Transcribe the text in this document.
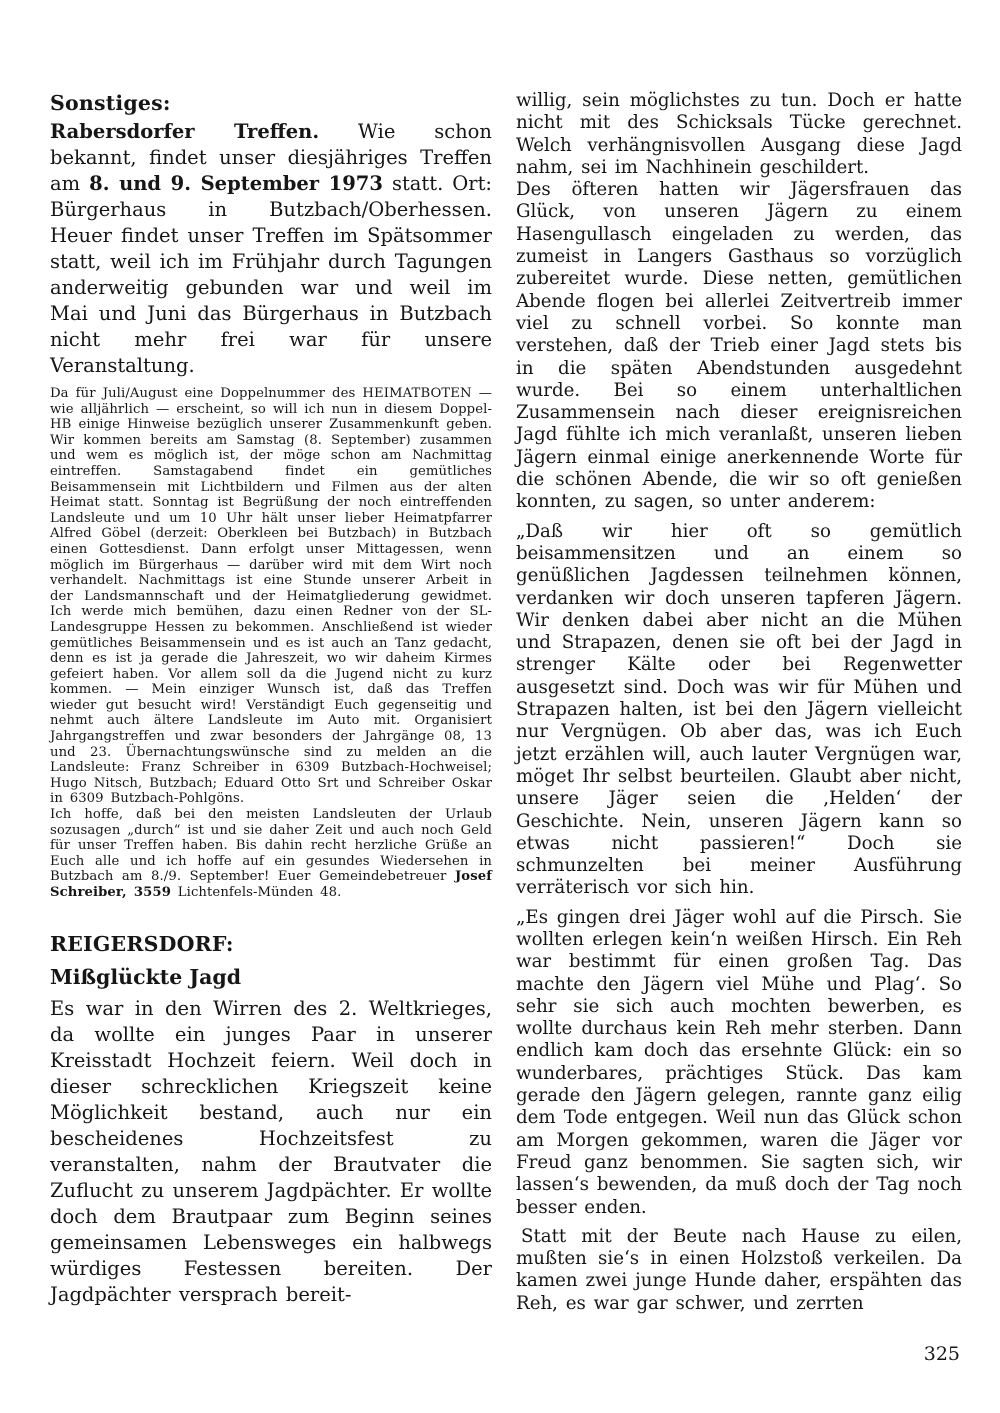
Sonstiges:

Rabersdorfer Treffen. Wie schon bekannt, findet unser diesjähriges Treffen am 8. und 9. September 1973 statt. Ort: Bürgerhaus in Butzbach/Oberhessen. Heuer findet unser Treffen im Spätsommer statt, weil ich im Frühjahr durch Tagungen anderweitig gebunden war und weil im Mai und Juni das Bürgerhaus in Butzbach nicht mehr frei war für unsere Veranstaltung.

Da für Juli/August eine Doppelnummer des HEIMATBOTEN — wie alljährlich — erscheint, so will ich nun in diesem Doppel-HB einige Hinweise bezüglich unserer Zusammenkunft geben. Wir kommen bereits am Samstag (8. September) zusammen und wem es möglich ist, der möge schon am Nachmittag eintreffen. Samstagabend findet ein gemütliches Beisammensein mit Lichtbildern und Filmen aus der alten Heimat statt. Sonntag ist Begrüßung der noch eintreffenden Landsleute und um 10 Uhr hält unser lieber Heimatpfarrer Alfred Göbel (derzeit: Oberkleen bei Butzbach) in Butzbach einen Gottesdienst. Dann erfolgt unser Mittagessen, wenn möglich im Bürgerhaus — darüber wird mit dem Wirt noch verhandelt. Nachmittags ist eine Stunde unserer Arbeit in der Landsmannschaft und der Heimatgliederung gewidmet. Ich werde mich bemühen, dazu einen Redner von der SL-Landesgruppe Hessen zu bekommen. Anschließend ist wieder gemütliches Beisammensein und es ist auch an Tanz gedacht, denn es ist ja gerade die Jahreszeit, wo wir daheim Kirmes gefeiert haben. Vor allem soll da die Jugend nicht zu kurz kommen. — Mein einziger Wunsch ist, daß das Treffen wieder gut besucht wird! Verständigt Euch gegenseitig und nehmt auch ältere Landsleute im Auto mit. Organisiert Jahrgangstreffen und zwar besonders der Jahrgänge 08, 13 und 23. Übernachtungswünsche sind zu melden an die Landsleute: Franz Schreiber in 6309 Butzbach-Hochweisel; Hugo Nitsch, Butzbach; Eduard Otto Srt und Schreiber Oskar in 6309 Butzbach-Pohlgöns.

Ich hoffe, daß bei den meisten Landsleuten der Urlaub sozusagen „durch“ ist und sie daher Zeit und auch noch Geld für unser Treffen haben. Bis dahin recht herzliche Grüße an Euch alle und ich hoffe auf ein gesundes Wiedersehen in Butzbach am 8./9. September! Euer Gemeindebetreuer Josef Schreiber, 3559 Lichtenfels-Münden 48.

REIGERSDORF:
Mißglückte Jagd

Es war in den Wirren des 2. Weltkrieges, da wollte ein junges Paar in unserer Kreisstadt Hochzeit feiern. Weil doch in dieser schrecklichen Kriegszeit keine Möglichkeit bestand, auch nur ein bescheidenes Hochzeitsfest zu veranstalten, nahm der Brautvater die Zuflucht zu unserem Jagdpächter. Er wollte doch dem Brautpaar zum Beginn seines gemeinsamen Lebensweges ein halbwegs würdiges Festessen bereiten. Der Jagdpächter versprach bereit-

willig, sein möglichstes zu tun. Doch er hatte nicht mit des Schicksals Tücke gerechnet. Welch verhängnisvollen Ausgang diese Jagd nahm, sei im Nachhinein geschildert.

Des öfteren hatten wir Jägersfrauen das Glück, von unseren Jägern zu einem Hasengullasch eingeladen zu werden, das zumeist in Langers Gasthaus so vorzüglich zubereitet wurde. Diese netten, gemütlichen Abende flogen bei allerlei Zeitvertreib immer viel zu schnell vorbei. So konnte man verstehen, daß der Trieb einer Jagd stets bis in die späten Abendstunden ausgedehnt wurde. Bei so einem unterhaltlichen Zusammensein nach dieser ereignisreichen Jagd fühlte ich mich veranlaßt, unseren lieben Jägern einmal einige anerkennende Worte für die schönen Abende, die wir so oft genießen konnten, zu sagen, so unter anderem:

„Daß wir hier oft so gemütlich beisammensitzen und an einem so genüßlichen Jagdessen teilnehmen können, verdanken wir doch unseren tapferen Jägern. Wir denken dabei aber nicht an die Mühen und Strapazen, denen sie oft bei der Jagd in strenger Kälte oder bei Regenwetter ausgesetzt sind. Doch was wir für Mühen und Strapazen halten, ist bei den Jägern vielleicht nur Vergnügen. Ob aber das, was ich Euch jetzt erzählen will, auch lauter Vergnügen war, möget Ihr selbst beurteilen. Glaubt aber nicht, unsere Jäger seien die ‚Helden‘ der Geschichte. Nein, unseren Jägern kann so etwas nicht passieren!“ Doch sie schmunzelten bei meiner Ausführung verräterisch vor sich hin.

„Es gingen drei Jäger wohl auf die Pirsch. Sie wollten erlegen kein‘n weißen Hirsch. Ein Reh war bestimmt für einen großen Tag. Das machte den Jägern viel Mühe und Plag‘. So sehr sie sich auch mochten bewerben, es wollte durchaus kein Reh mehr sterben. Dann endlich kam doch das ersehnte Glück: ein so wunderbares, prächtiges Stück. Das kam gerade den Jägern gelegen, rannte ganz eilig dem Tode entgegen. Weil nun das Glück schon am Morgen gekommen, waren die Jäger vor Freud ganz benommen. Sie sagten sich, wir lassen‘s bewenden, da muß doch der Tag noch besser enden.

Statt mit der Beute nach Hause zu eilen, mußten sie‘s in einen Holzstoß verkeilen. Da kamen zwei junge Hunde daher, erspähten das Reh, es war gar schwer, und zerrten

325
